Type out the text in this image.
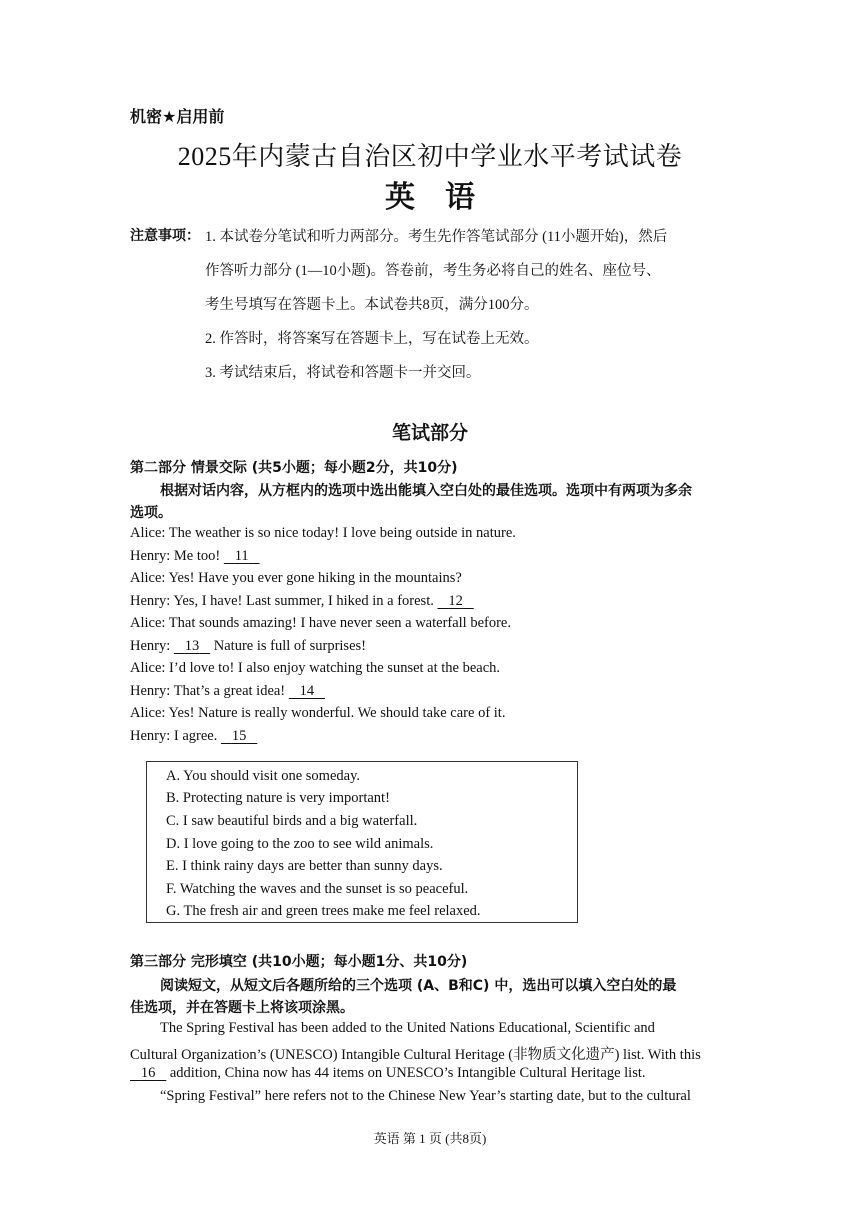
机密★启用前
2025年内蒙古自治区初中学业水平考试试卷
英语
注意事项： 1. 本试卷分笔试和听力两部分。考生先作答笔试部分 (11小题开始)，然后
作答听力部分 (1—10小题)。答卷前，考生务必将自己的姓名、座位号、
考生号填写在答题卡上。本试卷共8页，满分100分。
2. 作答时，将答案写在答题卡上，写在试卷上无效。
3. 考试结束后，将试卷和答题卡一并交回。
笔试部分
第二部分 情景交际 (共5小题；每小题2分，共10分)
根据对话内容，从方框内的选项中选出能填入空白处的最佳选项。选项中有两项为多余
选项。
Alice: The weather is so nice today! I love being outside in nature.
Henry: Me too!    11
Alice: Yes! Have you ever gone hiking in the mountains?
Henry: Yes, I have! Last summer, I hiked in a forest.    12
Alice: That sounds amazing! I have never seen a waterfall before.
Henry:    13    Nature is full of surprises!
Alice: I’d love to! I also enjoy watching the sunset at the beach.
Henry: That’s a great idea!    14
Alice: Yes! Nature is really wonderful. We should take care of it.
Henry: I agree.    15
A. You should visit one someday.
B. Protecting nature is very important!
C. I saw beautiful birds and a big waterfall.
D. I love going to the zoo to see wild animals.
E. I think rainy days are better than sunny days.
F. Watching the waves and the sunset is so peaceful.
G. The fresh air and green trees make me feel relaxed.
第三部分 完形填空 (共10小题；每小题1分、共10分)
阅读短文，从短文后各题所给的三个选项 (A、B和C) 中，选出可以填入空白处的最
佳选项，并在答题卡上将该项涂黑。
The Spring Festival has been added to the United Nations Educational, Scientific and
Cultural Organization’s (UNESCO) Intangible Cultural Heritage (非物质文化遗产) list. With this
16    addition, China now has 44 items on UNESCO’s Intangible Cultural Heritage list.
“Spring Festival” here refers not to the Chinese New Year’s starting date, but to the cultural
英语 第 1 页 (共8页)
